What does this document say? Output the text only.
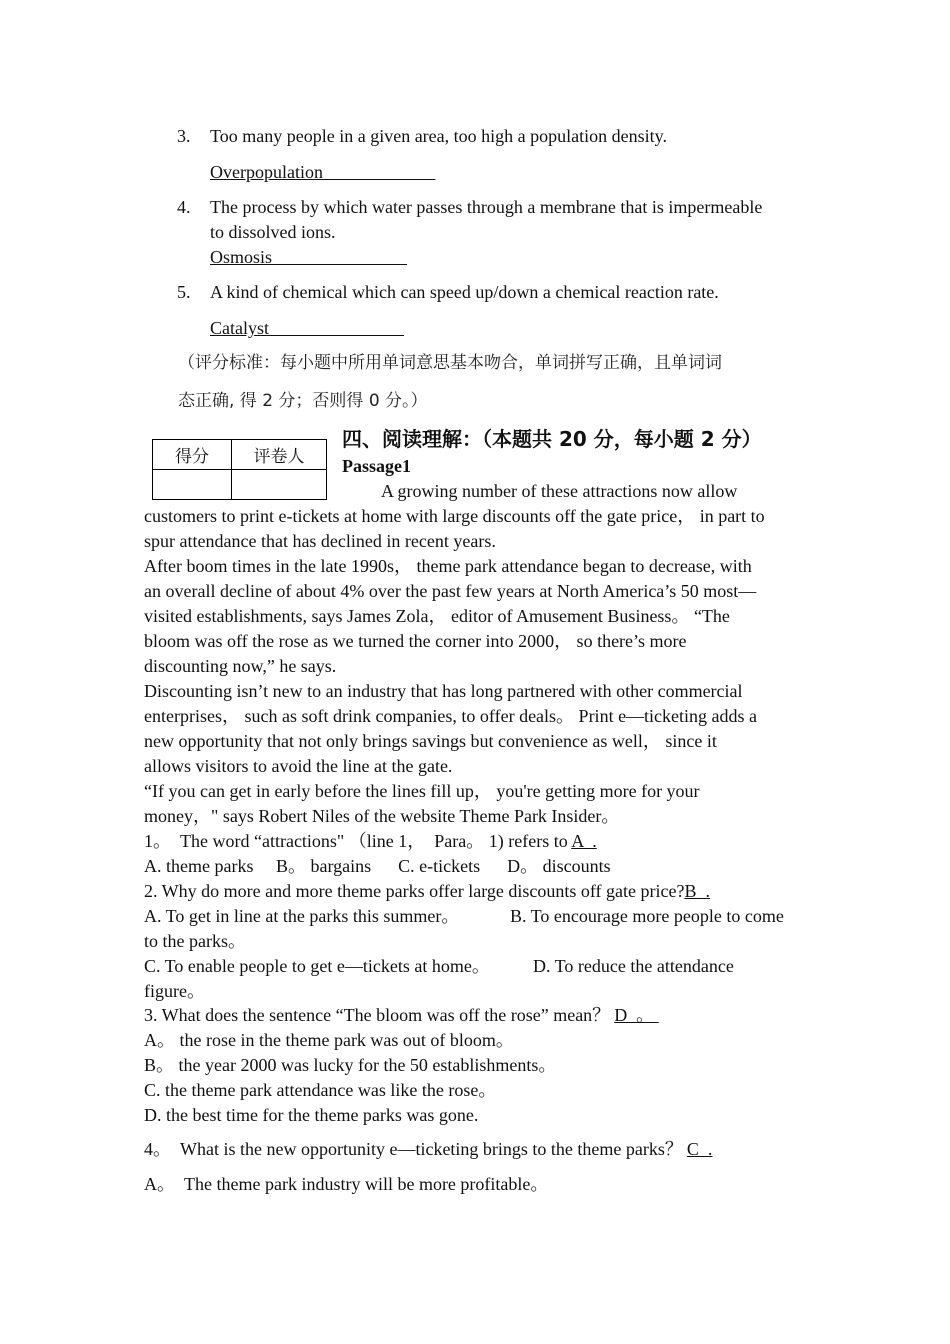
3. Too many people in a given area, too high a population density.
Overpopulation
4. The process by which water passes through a membrane that is impermeable
to dissolved ions.
Osmosis
5. A kind of chemical which can speed up/down a chemical reaction rate.
Catalyst
（评分标准：每小题中所用单词意思基本吻合，单词拼写正确，且单词词
态正确, 得 2 分；否则得 0 分。）
得分	评卷人

四、阅读理解：（本题共 20 分，每小题 2 分）
Passage1
A growing number of these attractions now allow
customers to print e-tickets at home with large discounts off the gate price， in part to
spur attendance that has declined in recent years.
After boom times in the late 1990s， theme park attendance began to decrease, with
an overall decline of about 4% over the past few years at North America’s 50 most—
visited establishments, says James Zola， editor of Amusement Business。 “The
bloom was off the rose as we turned the corner into 2000， so there’s more
discounting now,” he says.
Discounting isn’t new to an industry that has long partnered with other commercial
enterprises， such as soft drink companies, to offer deals。 Print e—ticketing adds a
new opportunity that not only brings savings but convenience as well， since it
allows visitors to avoid the line at the gate.
“If you can get in early before the lines fill up， you're getting more for your
money，" says Robert Niles of the website Theme Park Insider。
1。  The word “attractions" （line 1，  Para。 1) refers to A  .
A. theme parks     B。 bargains      C. e-tickets      D。 discounts
2. Why do more and more theme parks offer large discounts off gate price?B  .
A. To get in line at the parks this summer。	B. To encourage more people to come
to the parks。
C. To enable people to get e—tickets at home。 D. To reduce the attendance
figure。
3. What does the sentence “The bloom was off the rose” mean？ D  。
A。 the rose in the theme park was out of bloom。
B。 the year 2000 was lucky for the 50 establishments。
C. the theme park attendance was like the rose。
D. the best time for the theme parks was gone.
4。  What is the new opportunity e—ticketing brings to the theme parks？ C  .
A。  The theme park industry will be more profitable。
